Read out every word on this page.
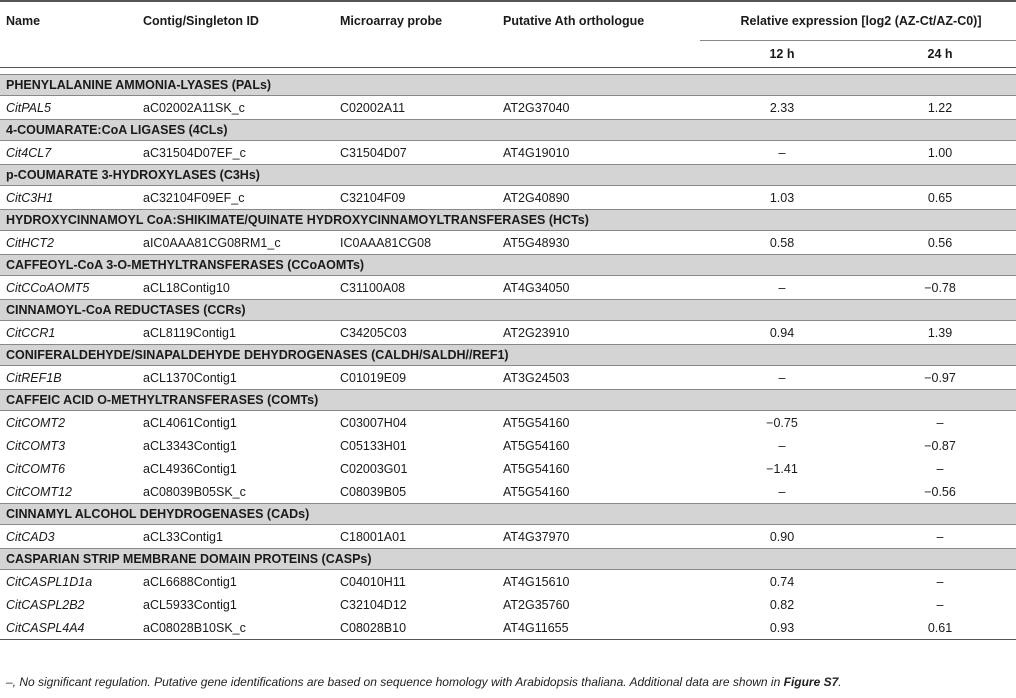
Name	Contig/Singleton ID	Microarray probe	Putative Ath orthologue	Relative expression [log2 (AZ-Ct/AZ-C0)]	
				12 h	24 h

PHENYLALANINE AMMONIA-LYASES (PALs)					
CitPAL5	aC02002A11SK_c	C02002A11	AT2G37040	2.33	1.22
4-COUMARATE:CoA LIGASES (4CLs)					
Cit4CL7	aC31504D07EF_c	C31504D07	AT4G19010	–	1.00
p-COUMARATE 3-HYDROXYLASES (C3Hs)					
CitC3H1	aC32104F09EF_c	C32104F09	AT2G40890	1.03	0.65
HYDROXYCINNAMOYL CoA:SHIKIMATE/QUINATE HYDROXYCINNAMOYLTRANSFERASES (HCTs)					
CitHCT2	aIC0AAA81CG08RM1_c	IC0AAA81CG08	AT5G48930	0.58	0.56
CAFFEOYL-CoA 3-O-METHYLTRANSFERASES (CCoAOMTs)					
CitCCoAOMT5	aCL18Contig10	C31100A08	AT4G34050	–	−0.78
CINNAMOYL-CoA REDUCTASES (CCRs)					
CitCCR1	aCL8119Contig1	C34205C03	AT2G23910	0.94	1.39
CONIFERALDEHYDE/SINAPALDEHYDE DEHYDROGENASES (CALDH/SALDH//REF1)					
CitREF1B	aCL1370Contig1	C01019E09	AT3G24503	–	−0.97
CAFFEIC ACID O-METHYLTRANSFERASES (COMTs)					
CitCOMT2	aCL4061Contig1	C03007H04	AT5G54160	−0.75	–
CitCOMT3	aCL3343Contig1	C05133H01	AT5G54160	–	−0.87
CitCOMT6	aCL4936Contig1	C02003G01	AT5G54160	−1.41	–
CitCOMT12	aC08039B05SK_c	C08039B05	AT5G54160	–	−0.56
CINNAMYL ALCOHOL DEHYDROGENASES (CADs)					
CitCAD3	aCL33Contig1	C18001A01	AT4G37970	0.90	–
CASPARIAN STRIP MEMBRANE DOMAIN PROTEINS (CASPs)					
CitCASPL1D1a	aCL6688Contig1	C04010H11	AT4G15610	0.74	–
CitCASPL2B2	aCL5933Contig1	C32104D12	AT2G35760	0.82	–
CitCASPL4A4	aC08028B10SK_c	C08028B10	AT4G11655	0.93	0.61
–, No significant regulation. Putative gene identifications are based on sequence homology with Arabidopsis thaliana. Additional data are shown in Figure S7.
